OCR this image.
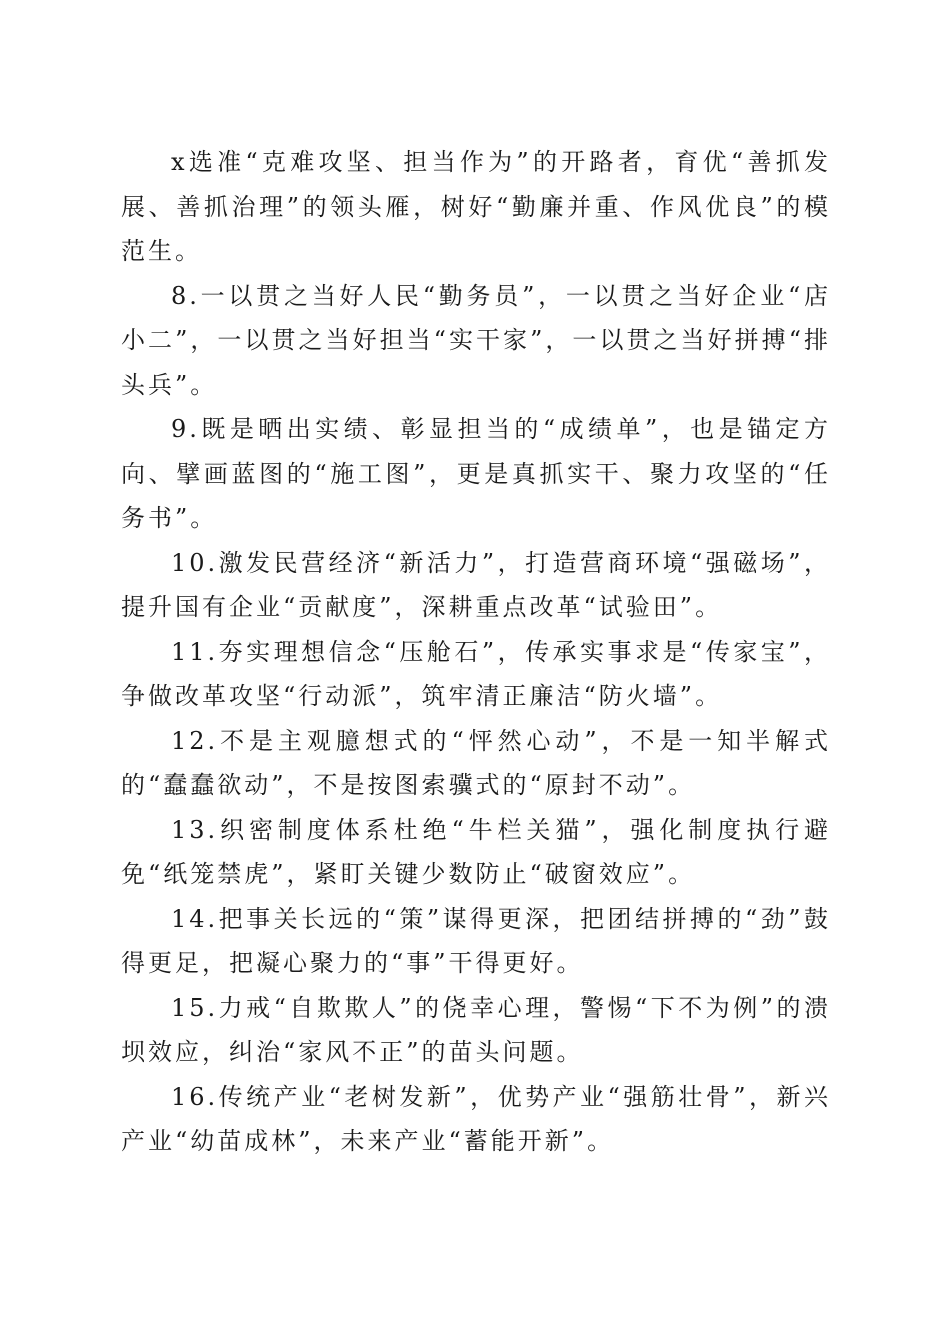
x选准“克难攻坚、担当作为”的开路者，育优“善抓发展、善抓治理”的领头雁，树好“勤廉并重、作风优良”的模范生。

8.一以贯之当好人民“勤务员”，一以贯之当好企业“店小二”，一以贯之当好担当“实干家”，一以贯之当好拼搏“排头兵”。

9.既是晒出实绩、彰显担当的“成绩单”，也是锚定方向、擘画蓝图的“施工图”，更是真抓实干、聚力攻坚的“任务书”。

10.激发民营经济“新活力”，打造营商环境“强磁场”，提升国有企业“贡献度”，深耕重点改革“试验田”。

11.夯实理想信念“压舱石”，传承实事求是“传家宝”，争做改革攻坚“行动派”，筑牢清正廉洁“防火墙”。

12.不是主观臆想式的“怦然心动”，不是一知半解式的“蠢蠢欲动”，不是按图索骥式的“原封不动”。

13.织密制度体系杜绝“牛栏关猫”，强化制度执行避免“纸笼禁虎”，紧盯关键少数防止“破窗效应”。

14.把事关长远的“策”谋得更深，把团结拼搏的“劲”鼓得更足，把凝心聚力的“事”干得更好。

15.力戒“自欺欺人”的侥幸心理，警惕“下不为例”的溃坝效应，纠治“家风不正”的苗头问题。

16.传统产业“老树发新”，优势产业“强筋壮骨”，新兴产业“幼苗成林”，未来产业“蓄能开新”。
